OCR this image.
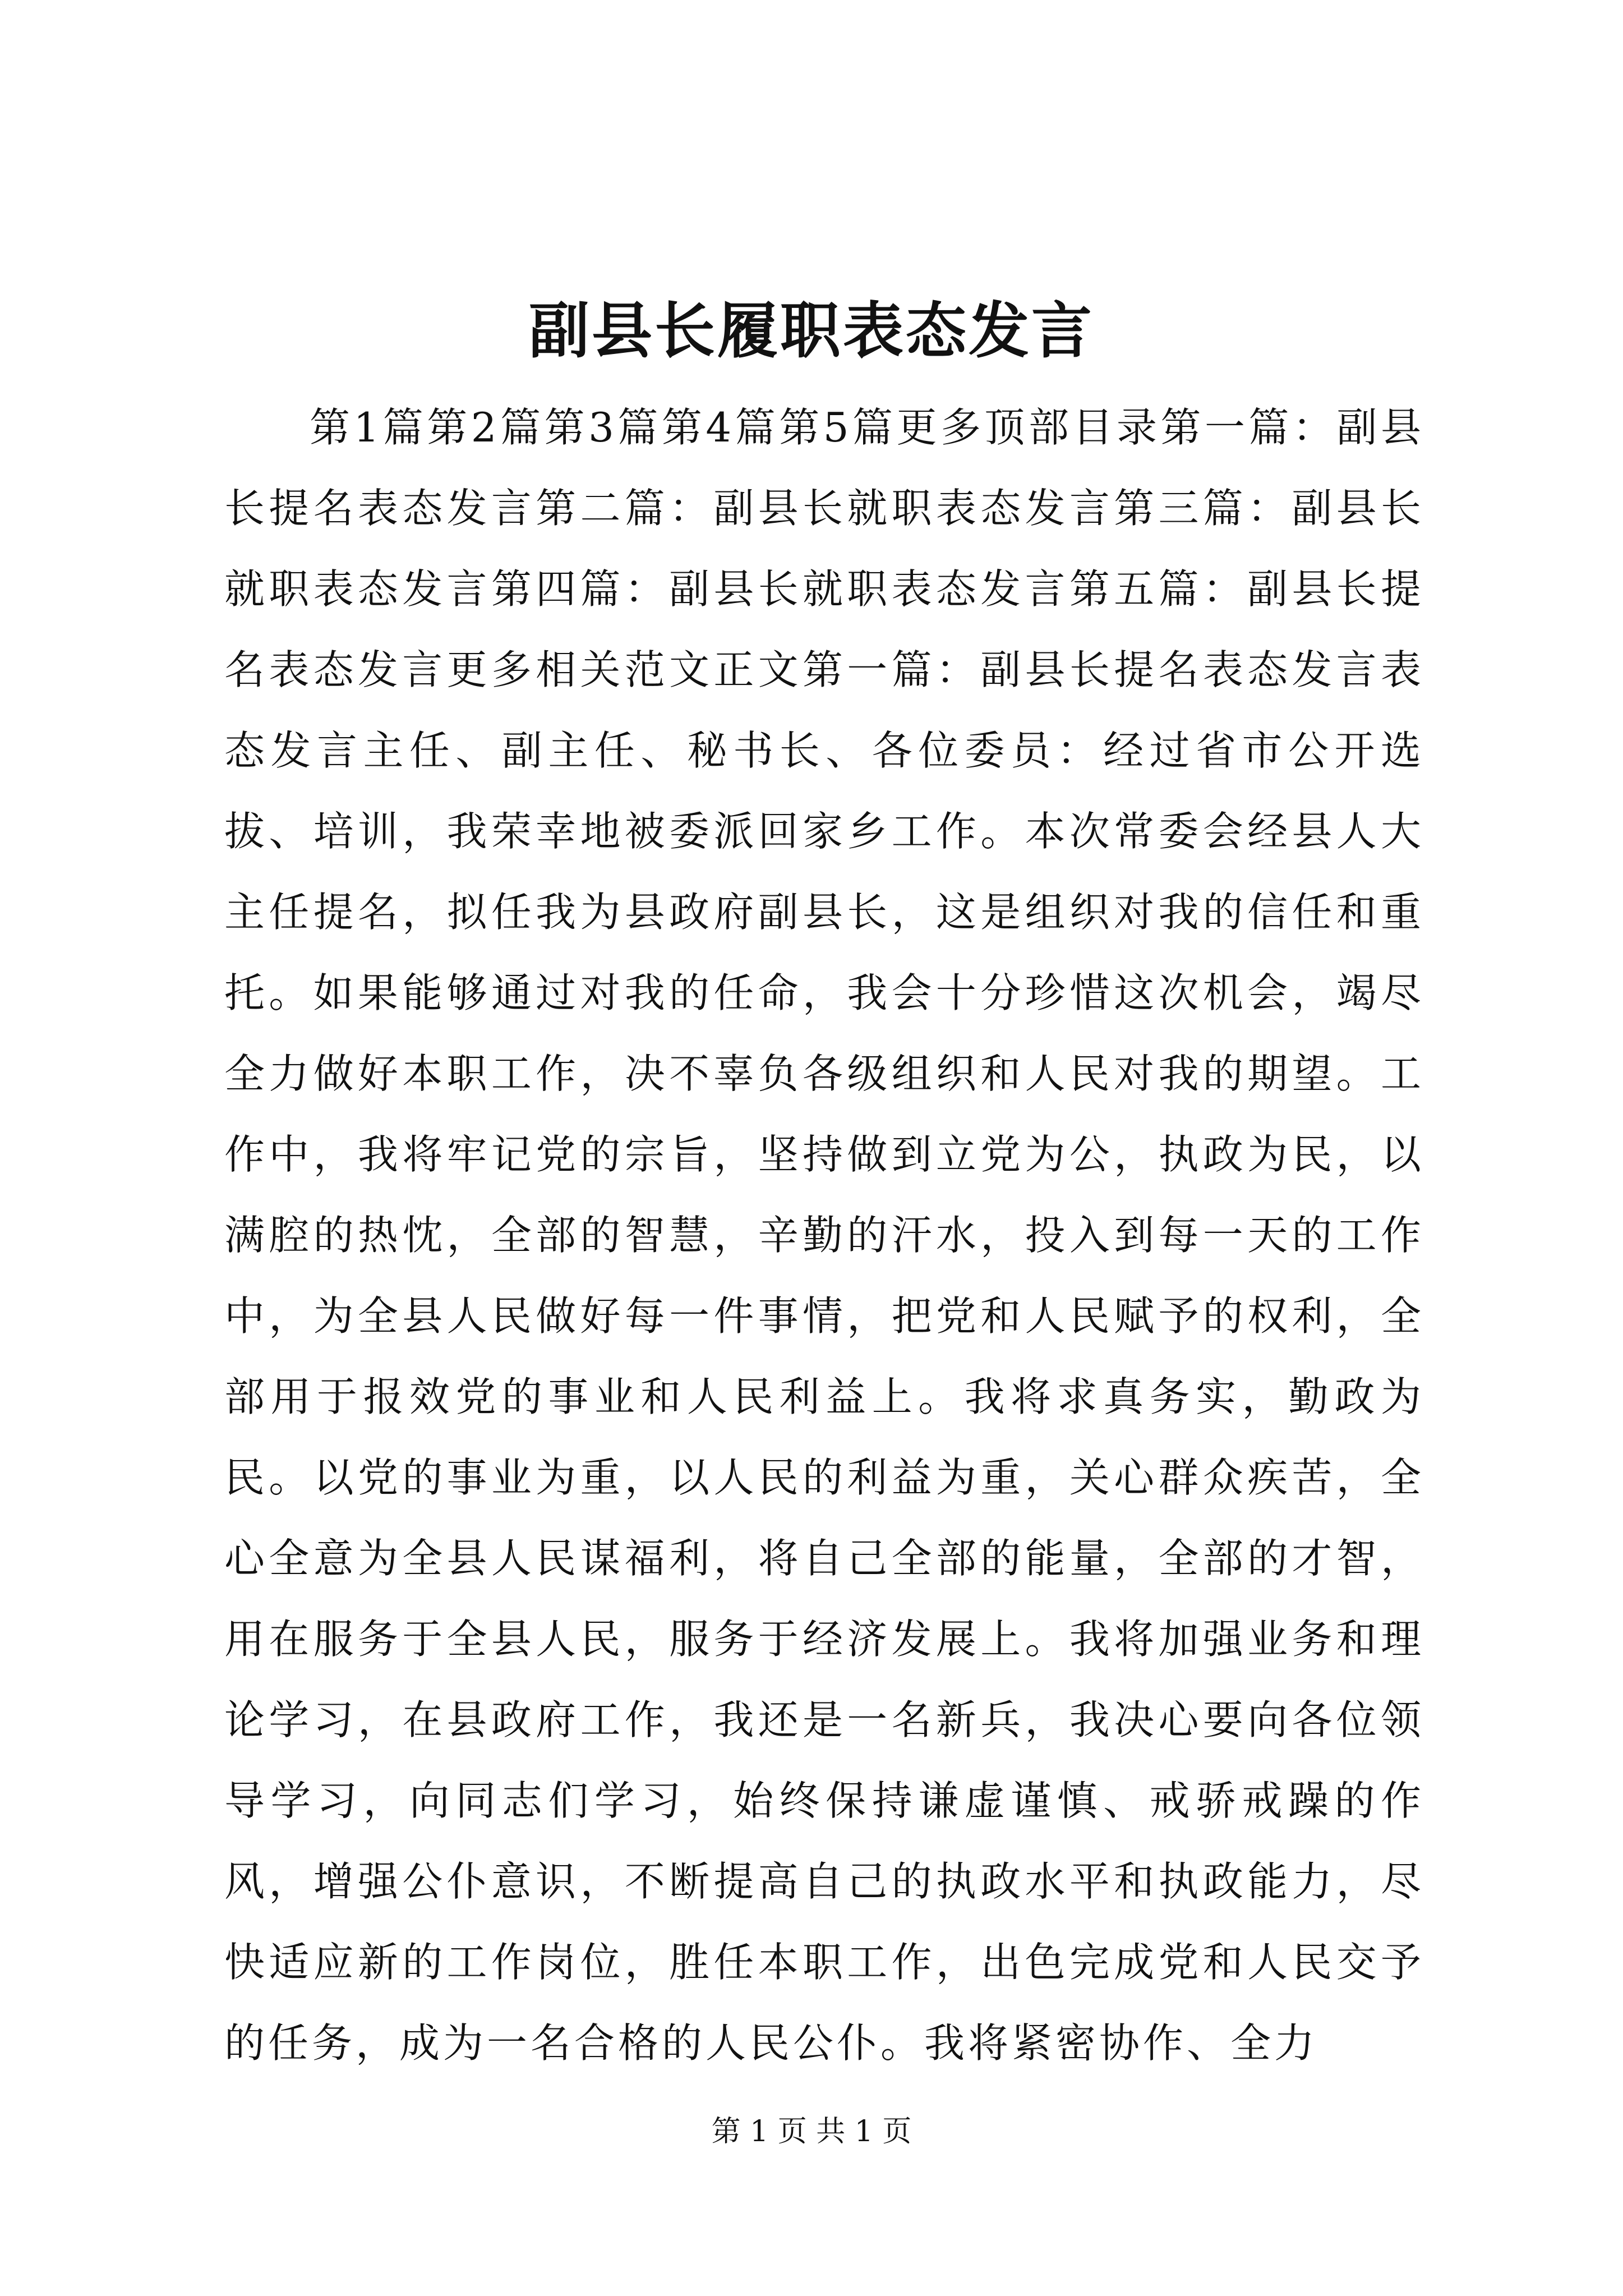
副县长履职表态发言

第1篇第2篇第3篇第4篇第5篇更多顶部目录第一篇：副县长提名表态发言第二篇：副县长就职表态发言第三篇：副县长就职表态发言第四篇：副县长就职表态发言第五篇：副县长提名表态发言更多相关范文正文第一篇：副县长提名表态发言表态发言主任、副主任、秘书长、各位委员：经过省市公开选拔、培训，我荣幸地被委派回家乡工作。本次常委会经县人大主任提名，拟任我为县政府副县长，这是组织对我的信任和重托。如果能够通过对我的任命，我会十分珍惜这次机会，竭尽全力做好本职工作，决不辜负各级组织和人民对我的期望。工作中，我将牢记党的宗旨，坚持做到立党为公，执政为民，以满腔的热忱，全部的智慧，辛勤的汗水，投入到每一天的工作中，为全县人民做好每一件事情，把党和人民赋予的权利，全部用于报效党的事业和人民利益上。我将求真务实，勤政为民。以党的事业为重，以人民的利益为重，关心群众疾苦，全心全意为全县人民谋福利，将自己全部的能量，全部的才智，用在服务于全县人民，服务于经济发展上。我将加强业务和理论学习，在县政府工作，我还是一名新兵，我决心要向各位领导学习，向同志们学习，始终保持谦虚谨慎、戒骄戒躁的作风，增强公仆意识，不断提高自己的执政水平和执政能力，尽快适应新的工作岗位，胜任本职工作，出色完成党和人民交予的任务，成为一名合格的人民公仆。我将紧密协作、全力

第 1 页 共 1 页
